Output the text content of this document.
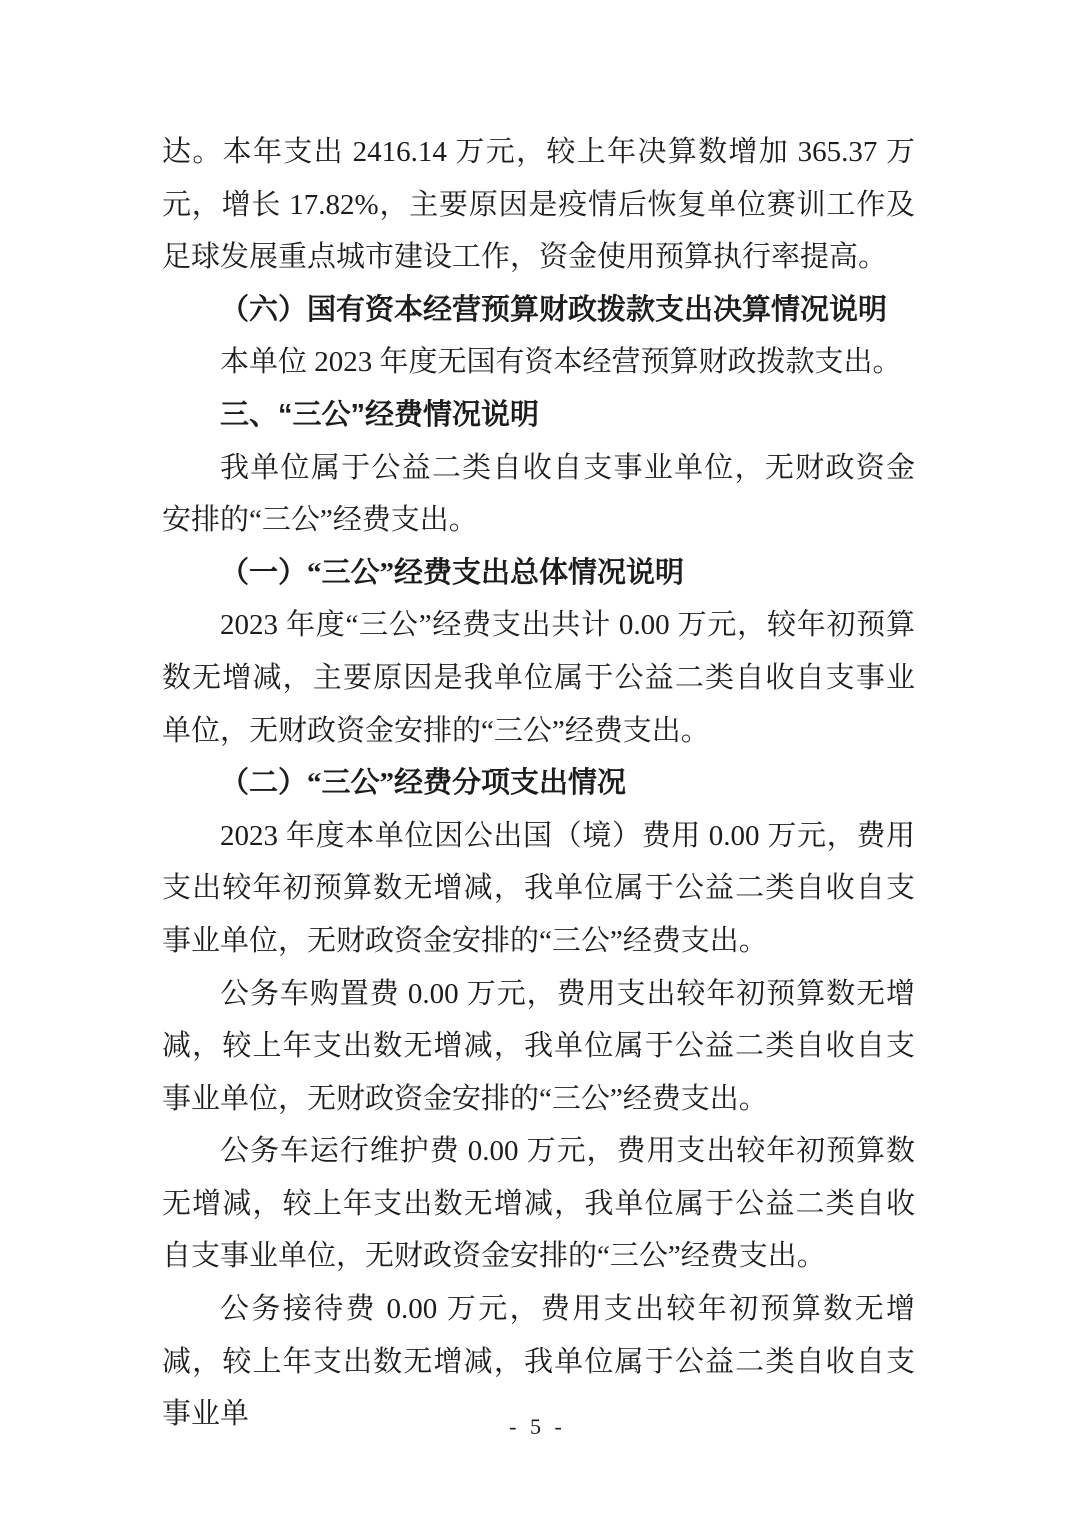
达。本年支出 2416.14 万元，较上年决算数增加 365.37 万元，增长 17.82%，主要原因是疫情后恢复单位赛训工作及足球发展重点城市建设工作，资金使用预算执行率提高。

（六）国有资本经营预算财政拨款支出决算情况说明

本单位 2023 年度无国有资本经营预算财政拨款支出。

三、“三公”经费情况说明

我单位属于公益二类自收自支事业单位，无财政资金安排的“三公”经费支出。

（一）“三公”经费支出总体情况说明

2023 年度“三公”经费支出共计 0.00 万元，较年初预算数无增减，主要原因是我单位属于公益二类自收自支事业单位，无财政资金安排的“三公”经费支出。

（二）“三公”经费分项支出情况

2023 年度本单位因公出国（境）费用 0.00 万元，费用支出较年初预算数无增减，我单位属于公益二类自收自支事业单位，无财政资金安排的“三公”经费支出。

公务车购置费 0.00 万元，费用支出较年初预算数无增减，较上年支出数无增减，我单位属于公益二类自收自支事业单位，无财政资金安排的“三公”经费支出。

公务车运行维护费 0.00 万元，费用支出较年初预算数无增减，较上年支出数无增减，我单位属于公益二类自收自支事业单位，无财政资金安排的“三公”经费支出。

公务接待费 0.00 万元，费用支出较年初预算数无增减，较上年支出数无增减，我单位属于公益二类自收自支事业单	- 5 -
